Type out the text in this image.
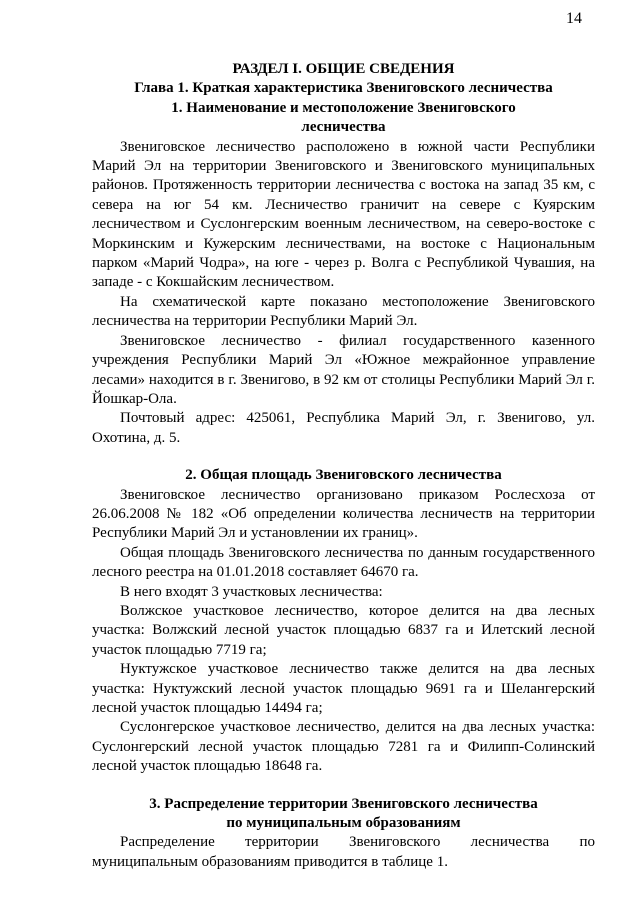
14

РАЗДЕЛ I. ОБЩИЕ СВЕДЕНИЯ

Глава 1. Краткая характеристика Звениговского лесничества

1. Наименование и местоположение Звениговского

лесничества

Звениговское лесничество расположено в южной части Республики Марий Эл на территории Звениговского и Звениговского муниципальных районов. Протяженность территории лесничества с востока на запад 35 км, с севера на юг 54 км. Лесничество граничит на севере с Куярским лесничеством и Суслонгерским военным лесничеством, на северо-востоке с Моркинским и Кужерским лесничествами, на востоке с Национальным парком «Марий Чодра», на юге - через р. Волга с Республикой Чувашия, на западе - с Кокшайским лесничеством.

На схематической карте показано местоположение Звениговского лесничества на территории Республики Марий Эл.

Звениговское лесничество - филиал государственного казенного учреждения Республики Марий Эл «Южное межрайонное управление лесами» находится в г. Звенигово, в 92 км от столицы Республики Марий Эл г. Йошкар-Ола.

Почтовый адрес: 425061, Республика Марий Эл, г. Звенигово, ул. Охотина, д. 5.

2. Общая площадь Звениговского лесничества

Звениговское лесничество организовано приказом Рослесхоза от 26.06.2008 № 182 «Об определении количества лесничеств на территории Республики Марий Эл и установлении их границ».

Общая площадь Звениговского лесничества по данным государственного лесного реестра на 01.01.2018 составляет 64670 га.

В него входят 3 участковых лесничества:

Волжское участковое лесничество, которое делится на два лесных участка: Волжский лесной участок площадью 6837 га и Илетский лесной участок площадью 7719 га;

Нуктужское участковое лесничество также делится на два лесных участка: Нуктужский лесной участок площадью 9691 га и Шелангерский лесной участок площадью 14494 га;

Суслонгерское участковое лесничество, делится на два лесных участка: Суслонгерский лесной участок площадью 7281 га и Филипп-Солинский лесной участок площадью 18648 га.

3. Распределение территории Звениговского лесничества

по муниципальным образованиям

Распределение территории Звениговского лесничества по муниципальным образованиям приводится в таблице 1.
